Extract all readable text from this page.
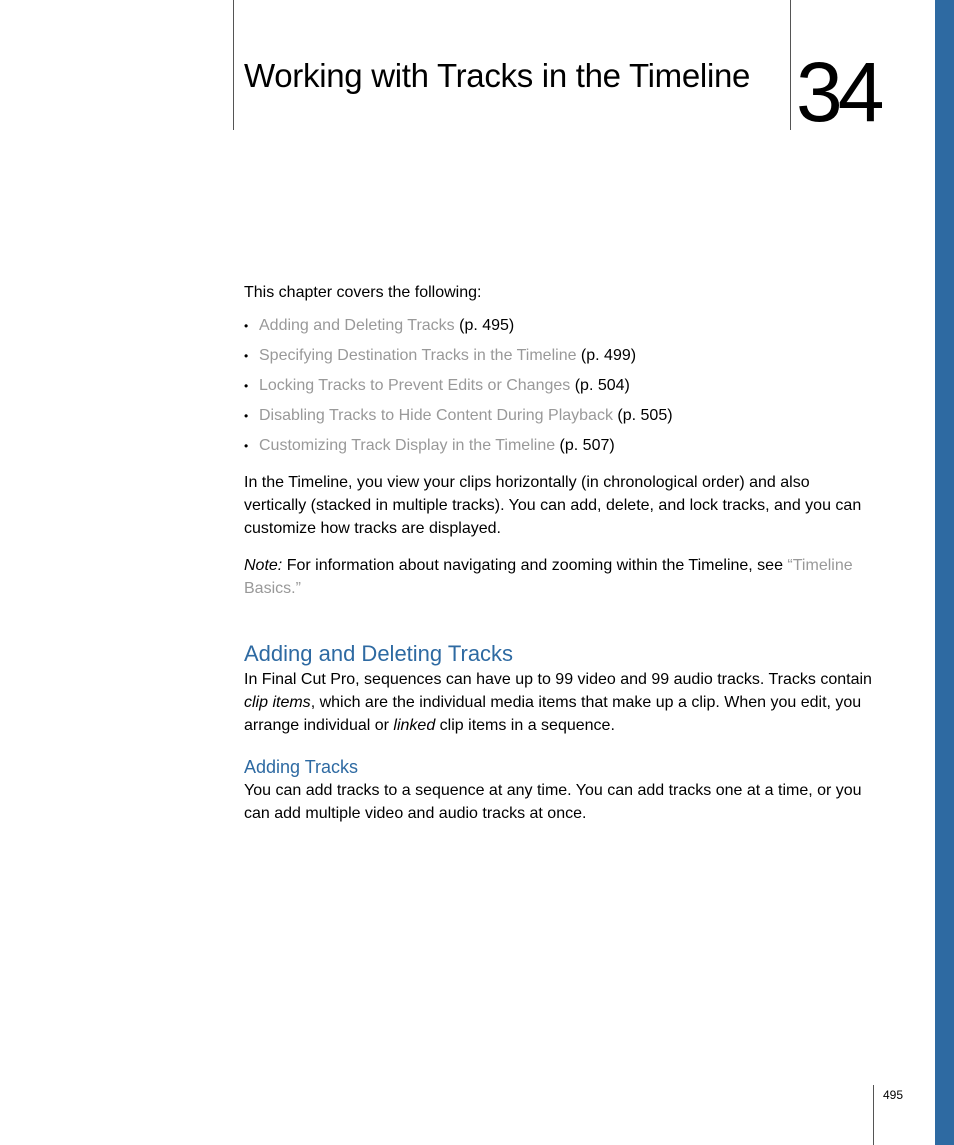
Working with Tracks in the Timeline 34

This chapter covers the following:

• Adding and Deleting Tracks (p. 495)
• Specifying Destination Tracks in the Timeline (p. 499)
• Locking Tracks to Prevent Edits or Changes (p. 504)
• Disabling Tracks to Hide Content During Playback (p. 505)
• Customizing Track Display in the Timeline (p. 507)

In the Timeline, you view your clips horizontally (in chronological order) and also vertically (stacked in multiple tracks). You can add, delete, and lock tracks, and you can customize how tracks are displayed.

Note: For information about navigating and zooming within the Timeline, see “Timeline Basics.”

Adding and Deleting Tracks

In Final Cut Pro, sequences can have up to 99 video and 99 audio tracks. Tracks contain clip items, which are the individual media items that make up a clip. When you edit, you arrange individual or linked clip items in a sequence.

Adding Tracks

You can add tracks to a sequence at any time. You can add tracks one at a time, or you can add multiple video and audio tracks at once.

495
